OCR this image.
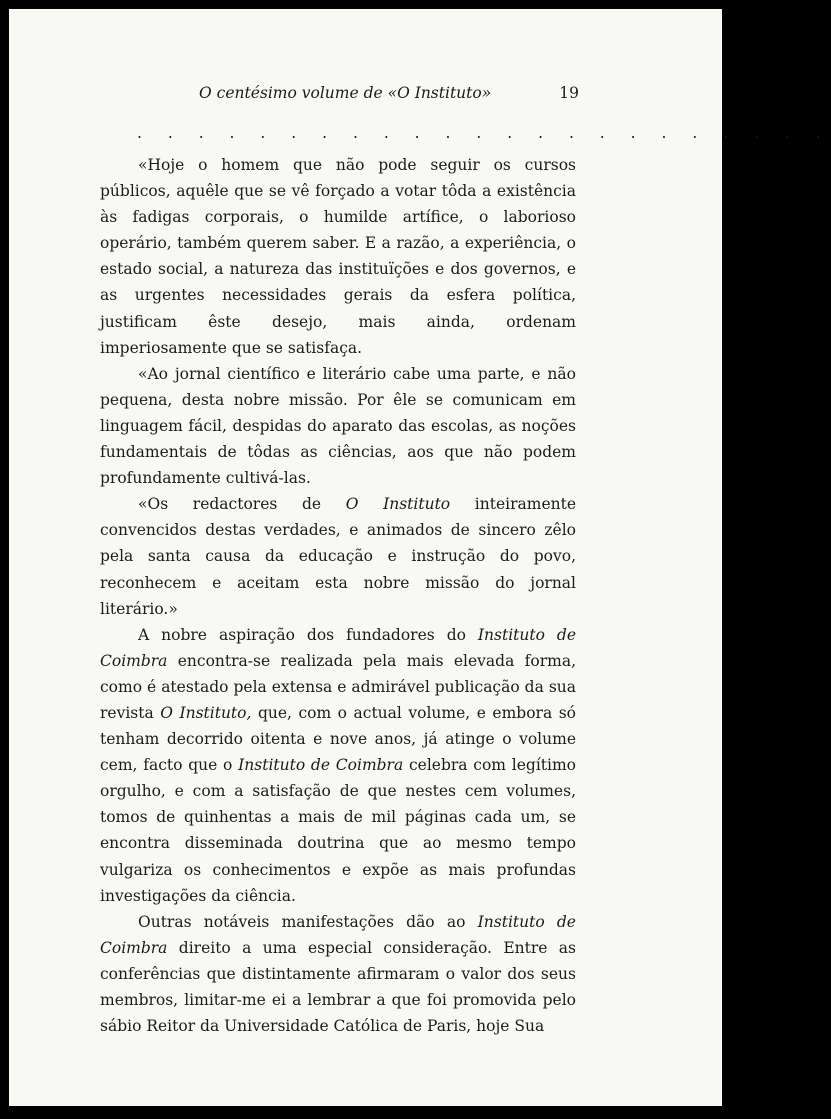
O centésimo volume de «O Instituto»	19
. . . . . . . . . . . . . . . . . . . . . . .

«Hoje o homem que não pode seguir os cursos públicos, aquêle que se vê forçado a votar tôda a existência às fadigas corporais, o humilde artífice, o laborioso operário, também querem saber. E a razão, a experiência, o estado social, a natureza das instituïções e dos governos, e as urgentes necessidades gerais da esfera política, justificam êste desejo, mais ainda, ordenam imperiosamente que se satisfaça.

«Ao jornal científico e literário cabe uma parte, e não pequena, desta nobre missão. Por êle se comunicam em linguagem fácil, despidas do aparato das escolas, as noções fundamentais de tôdas as ciências, aos que não podem profundamente cultivá-las.

«Os redactores de O Instituto inteiramente convencidos destas verdades, e animados de sincero zêlo pela santa causa da educação e instrução do povo, reconhecem e aceitam esta nobre missão do jornal literário.»

A nobre aspiração dos fundadores do Instituto de Coimbra encontra-se realizada pela mais elevada forma, como é atestado pela extensa e admirável publicação da sua revista O Instituto, que, com o actual volume, e embora só tenham decorrido oitenta e nove anos, já atinge o volume cem, facto que o Instituto de Coimbra celebra com legítimo orgulho, e com a satisfação de que nestes cem volumes, tomos de quinhentas a mais de mil páginas cada um, se encontra disseminada doutrina que ao mesmo tempo vulgariza os conhecimentos e expõe as mais profundas investigações da ciência.

Outras notáveis manifestações dão ao Instituto de Coimbra direito a uma especial consideração. Entre as conferências que distintamente afirmaram o valor dos seus membros, limitar-me ei a lembrar a que foi promovida pelo sábio Reitor da Universidade Católica de Paris, hoje Sua
